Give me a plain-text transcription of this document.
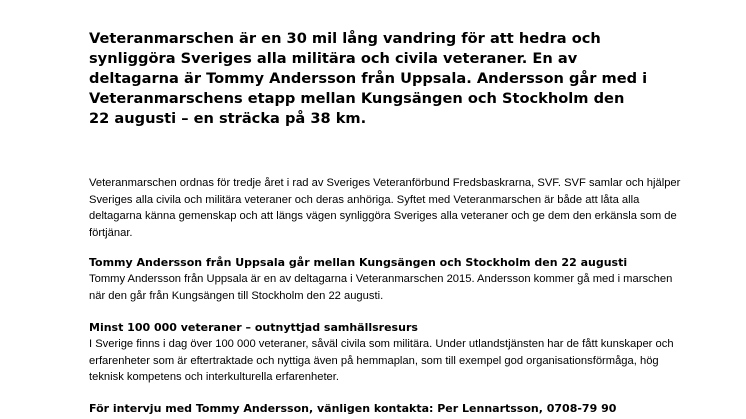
Veteranmarschen är en 30 mil lång vandring för att hedra och synliggöra Sveriges alla militära och civila veteraner. En av deltagarna är Tommy Andersson från Uppsala. Andersson går med i Veteranmarschens etapp mellan Kungsängen och Stockholm den 22 augusti – en sträcka på 38 km.

Veteranmarschen ordnas för tredje året i rad av Sveriges Veteranförbund Fredsbaskrarna, SVF. SVF samlar och hjälper Sveriges alla civila och militära veteraner och deras anhöriga. Syftet med Veteranmarschen är både att låta alla deltagarna känna gemenskap och att längs vägen synliggöra Sveriges alla veteraner och ge dem den erkänsla som de förtjänar.

Tommy Andersson från Uppsala går mellan Kungsängen och Stockholm den 22 augusti

Tommy Andersson från Uppsala är en av deltagarna i Veteranmarschen 2015. Andersson kommer gå med i marschen när den går från Kungsängen till Stockholm den 22 augusti.

Minst 100 000 veteraner – outnyttjad samhällsresurs

I Sverige finns i dag över 100 000 veteraner, såväl civila som militära. Under utlandstjänsten har de fått kunskaper och erfarenheter som är eftertraktade och nyttiga även på hemmaplan, som till exempel god organisationsförmåga, hög teknisk kompetens och interkulturella erfarenheter.

För intervju med Tommy Andersson, vänligen kontakta: Per Lennartsson, 0708-79 90
